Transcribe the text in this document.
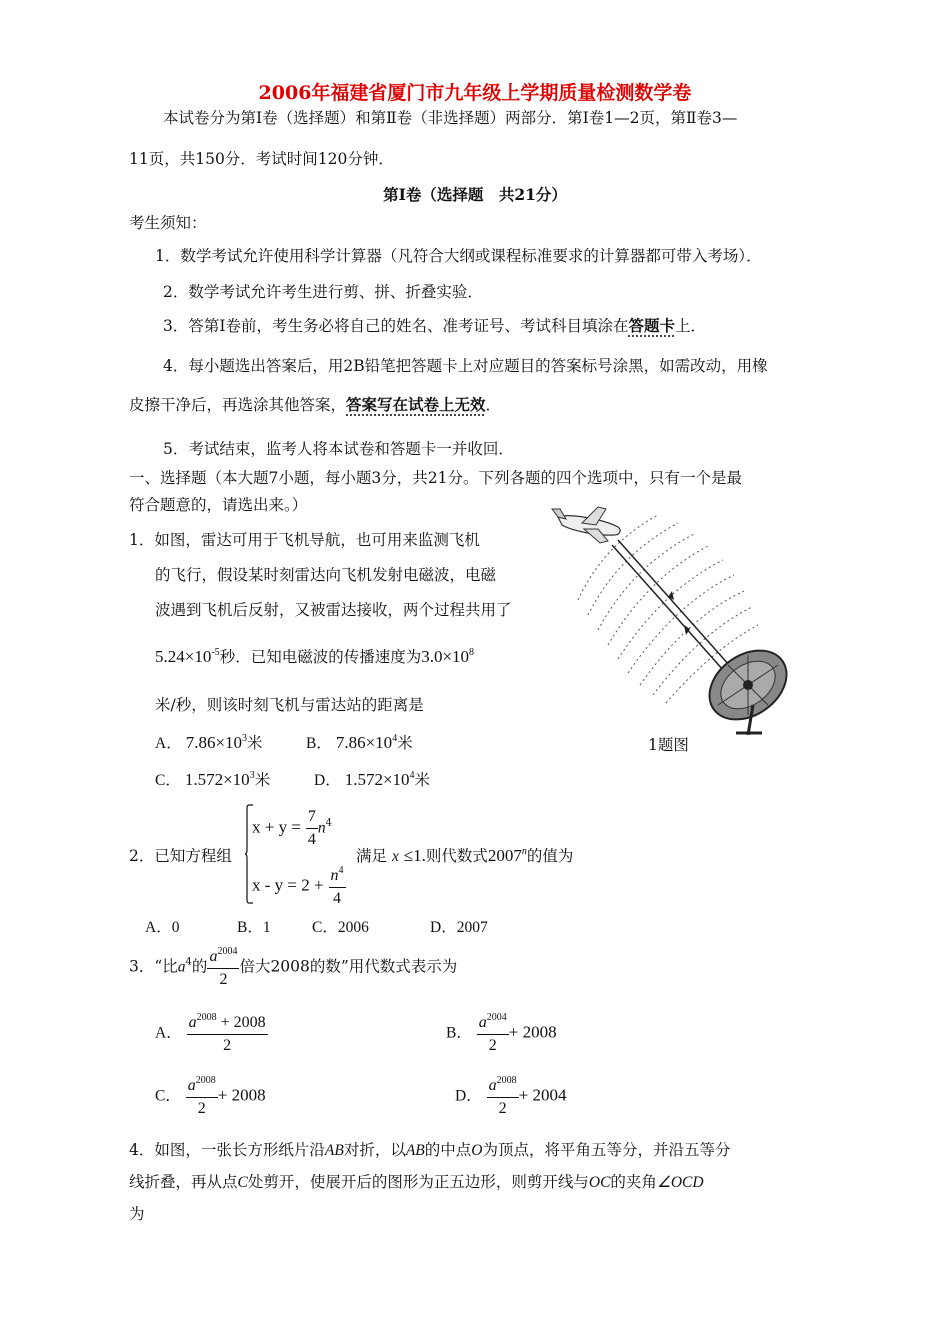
2006年福建省厦门市九年级上学期质量检测数学卷
本试卷分为第Ⅰ卷（选择题）和第Ⅱ卷（非选择题）两部分．第Ⅰ卷1—2页，第Ⅱ卷3—
11页，共150分．考试时间120分钟．
第Ⅰ卷（选择题　共21分）
考生须知：
1．数学考试允许使用科学计算器（凡符合大纲或课程标准要求的计算器都可带入考场）．
2．数学考试允许考生进行剪、拼、折叠实验．
3．答第Ⅰ卷前，考生务必将自己的姓名、准考证号、考试科目填涂在答题卡上．
4．每小题选出答案后，用2B铅笔把答题卡上对应题目的答案标号涂黑，如需改动，用橡
皮擦干净后，再选涂其他答案，答案写在试卷上无效．
5．考试结束，监考人将本试卷和答题卡一并收回．
一、选择题（本大题7小题，每小题3分，共21分。下列各题的四个选项中，只有一个是最
符合题意的，请选出来。）
1．如图，雷达可用于飞机导航，也可用来监测飞机
的飞行，假设某时刻雷达向飞机发射电磁波，电磁
波遇到飞机后反射，又被雷达接收，两个过程共用了
$5.24\times 10^{-5}$秒．已知电磁波的传播速度为$3.0\times 10^8$
米/秒，则该时刻飞机与雷达站的距离是
A． $7.86\times 10^3$米	B． $7.86\times 10^4$米
C． $1.572\times 10^3$米	D． $1.572\times 10^4$米
1题图
$x + y = \frac{7}{4} n^4$
$x - y = 2 + \frac{n^4}{4}$
2．已知方程组	满足 x ≤1.则代数式2007$^n$的值为
A．0	B．1	C．2006	D．2007
3．“比$a^4$的 $\frac{a^{2004}}{2}$ 倍大2008的数”用代数式表示为
A． $\frac{a^{2008} + 2008}{2}$	B． $\frac{a^{2004}}{2} + 2008$
C． $\frac{a^{2008}}{2} + 2008$	D． $\frac{a^{2008}}{2} + 2004$
4．如图，一张长方形纸片沿AB对折，以AB的中点O为顶点，将平角五等分，并沿五等分
线折叠，再从点C处剪开，使展开后的图形为正五边形，则剪开线与OC的夹角∠OCD
为
